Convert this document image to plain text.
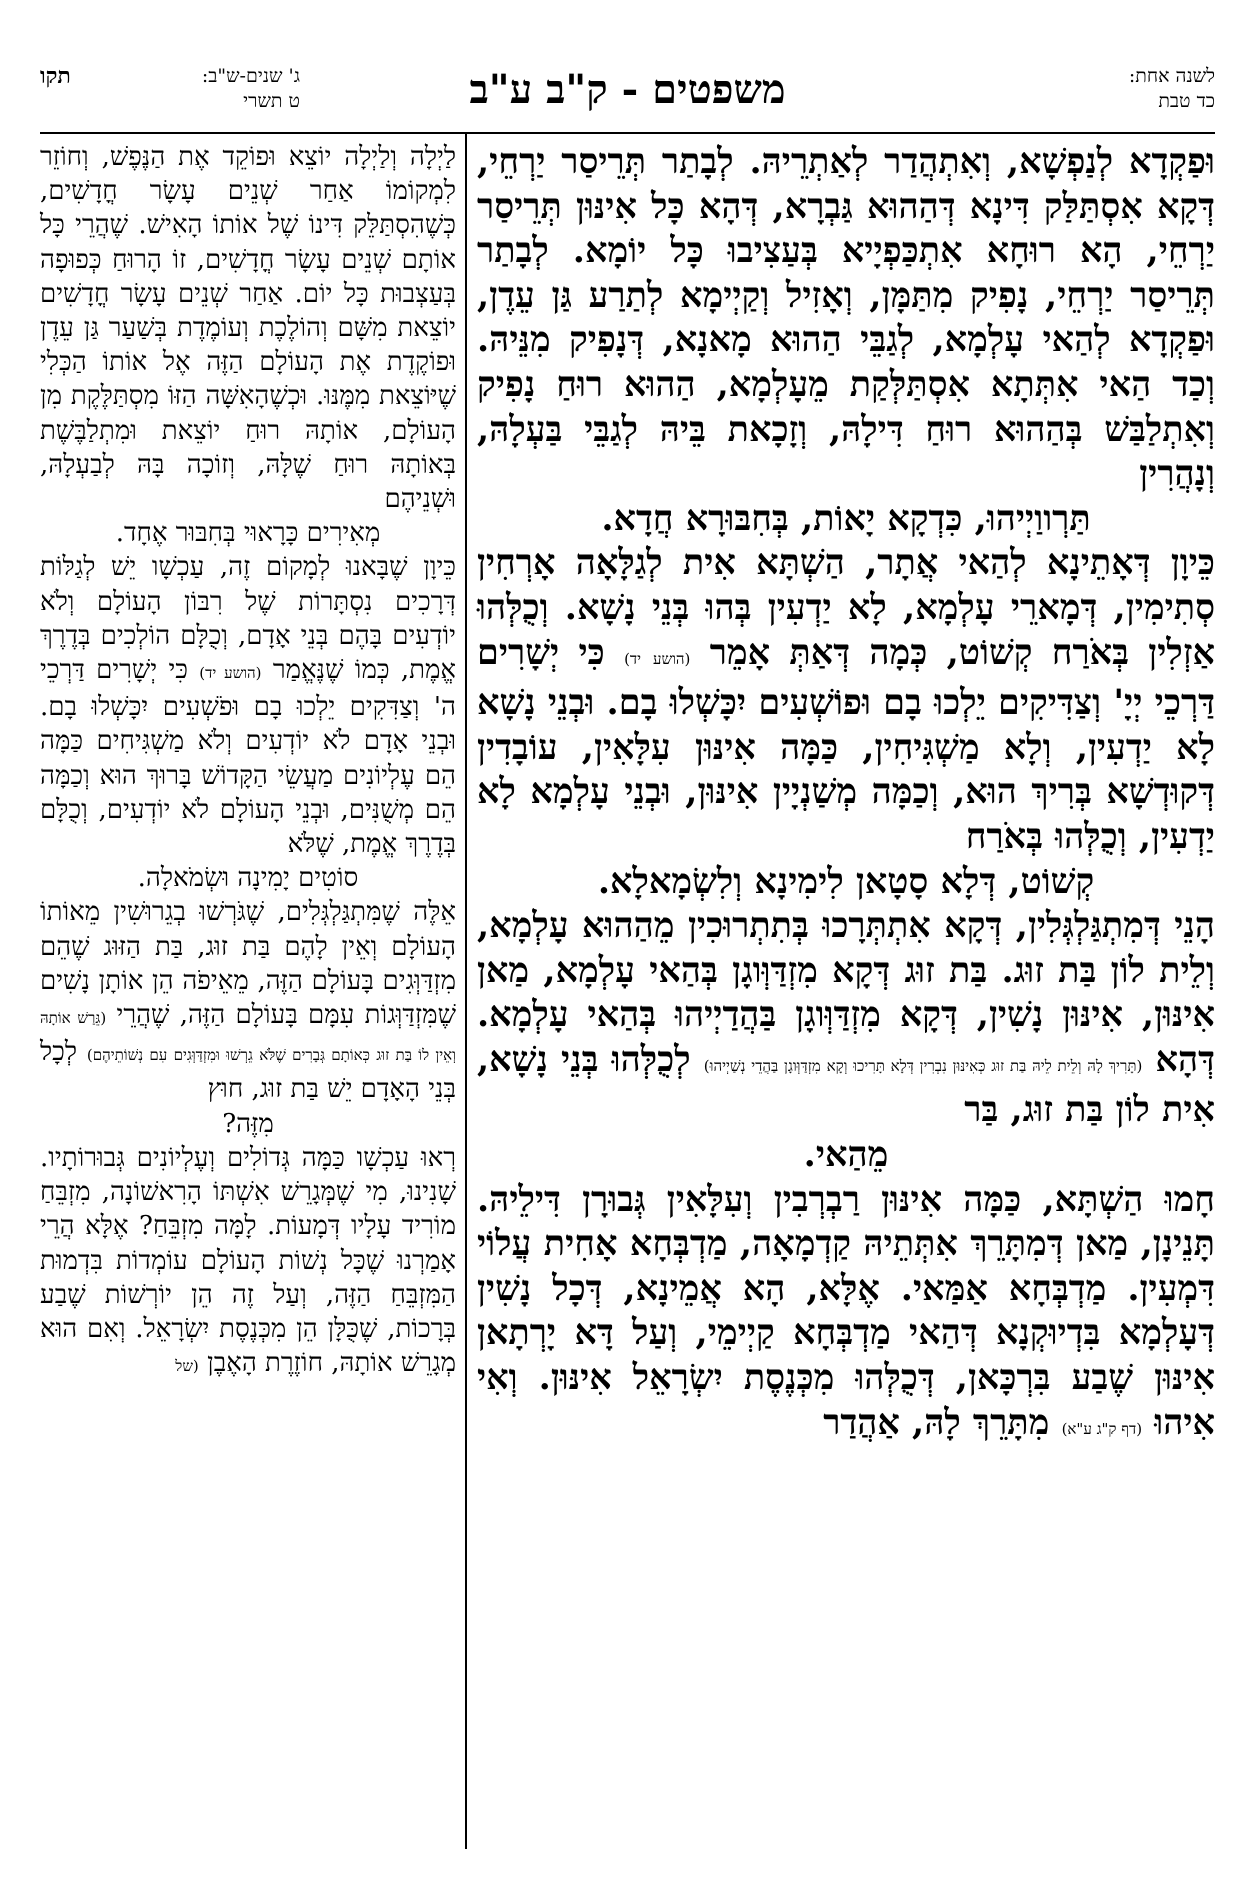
לשנה אחת:
כד טבת
משפטים - ק"ב ע"ב
ג' שנים-ש"ב:
תקו
ט תשרי
וּפַקְדָא לְנַפְשָׁא, וְאִתְהֲדַר לְאַתְרֵיהּ. לְבָתַר תְּרֵיסַר יַרְחֵי, דְּקָא אִסְתַּלַּק דִּינָא דְּהַהוּא גַּבְרָא, דְּהָא כָּל אִינּוּן תְּרֵיסַר יַרְחֵי, הָא רוּחָא אִתְכַּפְיָיא בְּעַצִיבוּ כָּל יוֹמָא. לְבָתַר תְּרֵיסַר יַרְחֵי, נָפִיק מִתַּמָּן, וְאָזִיל וְקַיְימָא לְתַרַע גַּן עֵדֶן, וּפַקְדָא לְהַאי עָלְמָא, לְגַבֵּי הַהוּא מָאנָא, דְּנָפִיק מִנֵּיהּ. וְכַד הַאי אִתְּתָא אִסְתַּלְּקַת מֵעָלְמָא, הַהוּא רוּחַ נָפִיק וְאִתְלַבַּשׁ בְּהַהוּא רוּחַ דִּילָהּ, וְזָכָאת בֵּיהּ לְגַבֵּי בַּעְלָהּ, וְנָהֲרִין
תַּרְווַיְיהוּ, כִּדְקָא יָאוֹת, בְּחִבּוּרָא חֲדָא.
כֵּיוָן דְּאָתֵינָא לְהַאי אֲתָר, הַשְׁתָּא אִית לְגַלָּאָה אָרְחִין סְתִימִין, דְּמָארֵי עָלְמָא, לָא יַדְעִין בְּהוּ בְּנֵי נָשָׁא. וְכֻלְּהוּ אַזְלִין בְּאֹרַח קְשׁוֹט, כְּמָה דְּאַתְּ אָמֵר (הושע יד) כִּי יְשָׁרִים דַּרְכֵי יְיָ' וְצַדִּיקִים יֵלְכוּ בָם וּפוֹשְׁעִים יִכָּשְׁלוּ בָם. וּבְנֵי נָשָׁא לָא יַדְעִין, וְלָא מַשְׁגִּיחִין, כַּמָּה אִינּוּן עִלָּאִין, עוֹבָדִין דְּקוּדְשָׁא בְּרִיךְ הוּא, וְכַמָּה מְשַׁנְיָין אִינּוּן, וּבְנֵי עָלְמָא לָא יַדְעִין, וְכֻלְּהוּ בְּאֹרַח
קְשׁוֹט, דְּלָא סָטָאן לִימִינָא וְלִשְׂמָאלָא.
הָנֵי דְּמִתְגַּלְגְּלִין, דְּקָא אִתְתְּרָכוּ בְּתִתְרוּכִין מֵהַהוּא עָלְמָא, וְלֵית לוֹן בַּת זוּג. בַּת זוּג דְּקָא מִזְדַּוְּוגָן בְּהַאי עָלְמָא, מַאן אִינּוּן, אִינּוּן נָשִׁין, דְּקָא מִזְדַּוְּוגָן בַּהֲדַיְיהוּ בְּהַאי עָלְמָא. דְּהָא (תָּרִיךְ לָהּ וְלֵית לֵיהּ בַּת זוּג כְּאִינּוּן נִבְרִין דְּלָא תָּרִיכוּ וְקָא מִזְדַּוְּוגָן בַּהֲדֵי נְשַׁיְיהוּ) לְכֻלְּהוּ בְּנֵי נָשָׁא, אִית לוֹן בַּת זוּג, בַּר
מֵהַאי.
חָמוּ הַשְׁתָּא, כַּמָּה אִינּוּן רַבְרְבִין וְעִלָּאִין גְּבוּרָן דִּילֵיהּ. תָּנֵינָן, מַאן דְּמִתָּרֵךְ אִתְּתֵיהּ קַדְמָאָה, מַדְבְּחָא אָחִית עֲלוֹי דִּמְעִין. מַדְבְּחָא אַמַּאי. אֶלָּא, הָא אֲמֵינָא, דְּכָל נָשִׁין דְּעָלְמָא בִּדְיוּקְנָא דְּהַאי מַדְבְּחָא קַיְימֵי, וְעַל דָּא יָרְתָאן אִינּוּן שֶׁבַע בִּרְכָּאן, דְּכֻלְּהוּ מִכְּנֶסֶת יִשְׂרָאֵל אִינּוּן. וְאִי אִיהוּ (דף ק"ג ע"א) מִתָּרֵךְ לָהּ, אַהֲדַר
לַיְלָה וְלַיְלָה יוֹצֵא וּפוֹקֵד אֶת הַנֶּפֶשׁ, וְחוֹזֵר לִמְקוֹמוֹ אַחַר שְׁנֵים עָשָׂר חֳדָשִׁים, כְּשֶׁהִסְתַּלֵּק דִּינוֹ שֶׁל אוֹתוֹ הָאִישׁ. שֶׁהֲרֵי כָּל אוֹתָם שְׁנֵים עָשָׂר חֳדָשִׁים, זוֹ הָרוּחַ כְּפוּפָה בְּעַצְבוּת כָּל יוֹם. אַחַר שְׁנֵים עָשָׂר חֳדָשִׁים יוֹצֵאת מִשָּׁם וְהוֹלֶכֶת וְעוֹמֶדֶת בְּשַׁעַר גַּן עֵדֶן וּפוֹקֶדֶת אֶת הָעוֹלָם הַזֶּה אֶל אוֹתוֹ הַכְּלִי שֶׁיּוֹצֵאת מִמֶּנּוּ. וּכְשֶׁהָאִשָּׁה הַזּוֹ מִסְתַּלֶּקֶת מִן הָעוֹלָם, אוֹתָהּ רוּחַ יוֹצֵאת וּמִתְלַבֶּשֶׁת בְּאוֹתָהּ רוּחַ שֶׁלָּהּ, וְזוֹכָה בָּהּ לְבַעְלָהּ, וּשְׁנֵיהֶם
מְאִירִים כָּרָאוּי בְּחִבּוּר אֶחָד.
כֵּיוָן שֶׁבָּאנוּ לְמָקוֹם זֶה, עַכְשָׁו יֵשׁ לְגַלּוֹת דְּרָכִים נִסְתָּרוֹת שֶׁל רִבּוֹן הָעוֹלָם וְלֹא יוֹדְעִים בָּהֶם בְּנֵי אָדָם, וְכֻלָּם הוֹלְכִים בְּדֶרֶךְ אֱמֶת, כְּמוֹ שֶׁנֶּאֱמַר (הושע יד) כִּי יְשָׁרִים דַּרְכֵי ה' וְצַדִּקִים יֵלְכוּ בָם וּפֹשְׁעִים יִכָּשְׁלוּ בָם. וּבְנֵי אָדָם לֹא יוֹדְעִים וְלֹא מַשְׁגִּיחִים כַּמָּה הֵם עֶלְיוֹנִים מַעֲשֵׂי הַקָּדוֹשׁ בָּרוּךְ הוּא וְכַמָּה הֵם מְשֻׁנִּים, וּבְנֵי הָעוֹלָם לֹא יוֹדְעִים, וְכֻלָּם בְּדֶרֶךְ אֱמֶת, שֶׁלֹּא
סוֹטִים יָמִינָה וּשְׂמֹאלָה.
אֵלֶּה שֶׁמִּתְגַּלְגְּלִים, שֶׁגֹּרְשׁוּ בְגֵרוּשִׁין מֵאוֹתוֹ הָעוֹלָם וְאֵין לָהֶם בַּת זוּג, בַּת הַזּוּג שֶׁהֵם מִזְדַּוְּגִים בָּעוֹלָם הַזֶּה, מֵאֵיפֹה הֵן אוֹתָן נָשִׁים שֶׁמִּזְדַּוְּגוֹת עִמָּם בָּעוֹלָם הַזֶּה, שֶׁהֲרֵי (גֵּרַשׁ אוֹתָהּ וְאֵין לוֹ בַּת זוּג כְּאוֹתָם גְּבָרִים שֶׁלֹּא גֵרְשׁוּ וּמִזְדַּוְּגִים עִם נְשׁוֹתֵיהֶם) לְכָל בְּנֵי הָאָדָם יֵשׁ בַּת זוּג, חוּץ
מִזֶּה?
רְאוּ עַכְשָׁו כַּמָּה גְּדוֹלִים וְעֶלְיוֹנִים גְּבוּרוֹתָיו. שָׁנִינוּ, מִי שֶׁמְּגָרֵשׁ אִשְׁתּוֹ הָרִאשׁוֹנָה, מִזְבֵּחַ מוֹרִיד עָלָיו דְּמָעוֹת. לָמָּה מִזְבֵּחַ? אֶלָּא הֲרֵי אָמַרְנוּ שֶׁכָּל נְשׁוֹת הָעוֹלָם עוֹמְדוֹת בִּדְמוּת הַמִּזְבֵּחַ הַזֶּה, וְעַל זֶה הֵן יוֹרְשׁוֹת שֶׁבַע בְּרָכוֹת, שֶׁכֻּלָּן הֵן מִכְּנֶסֶת יִשְׂרָאֵל. וְאִם הוּא מְגָרֵשׁ אוֹתָהּ, חוֹזֶרֶת הָאֶבֶן (של
